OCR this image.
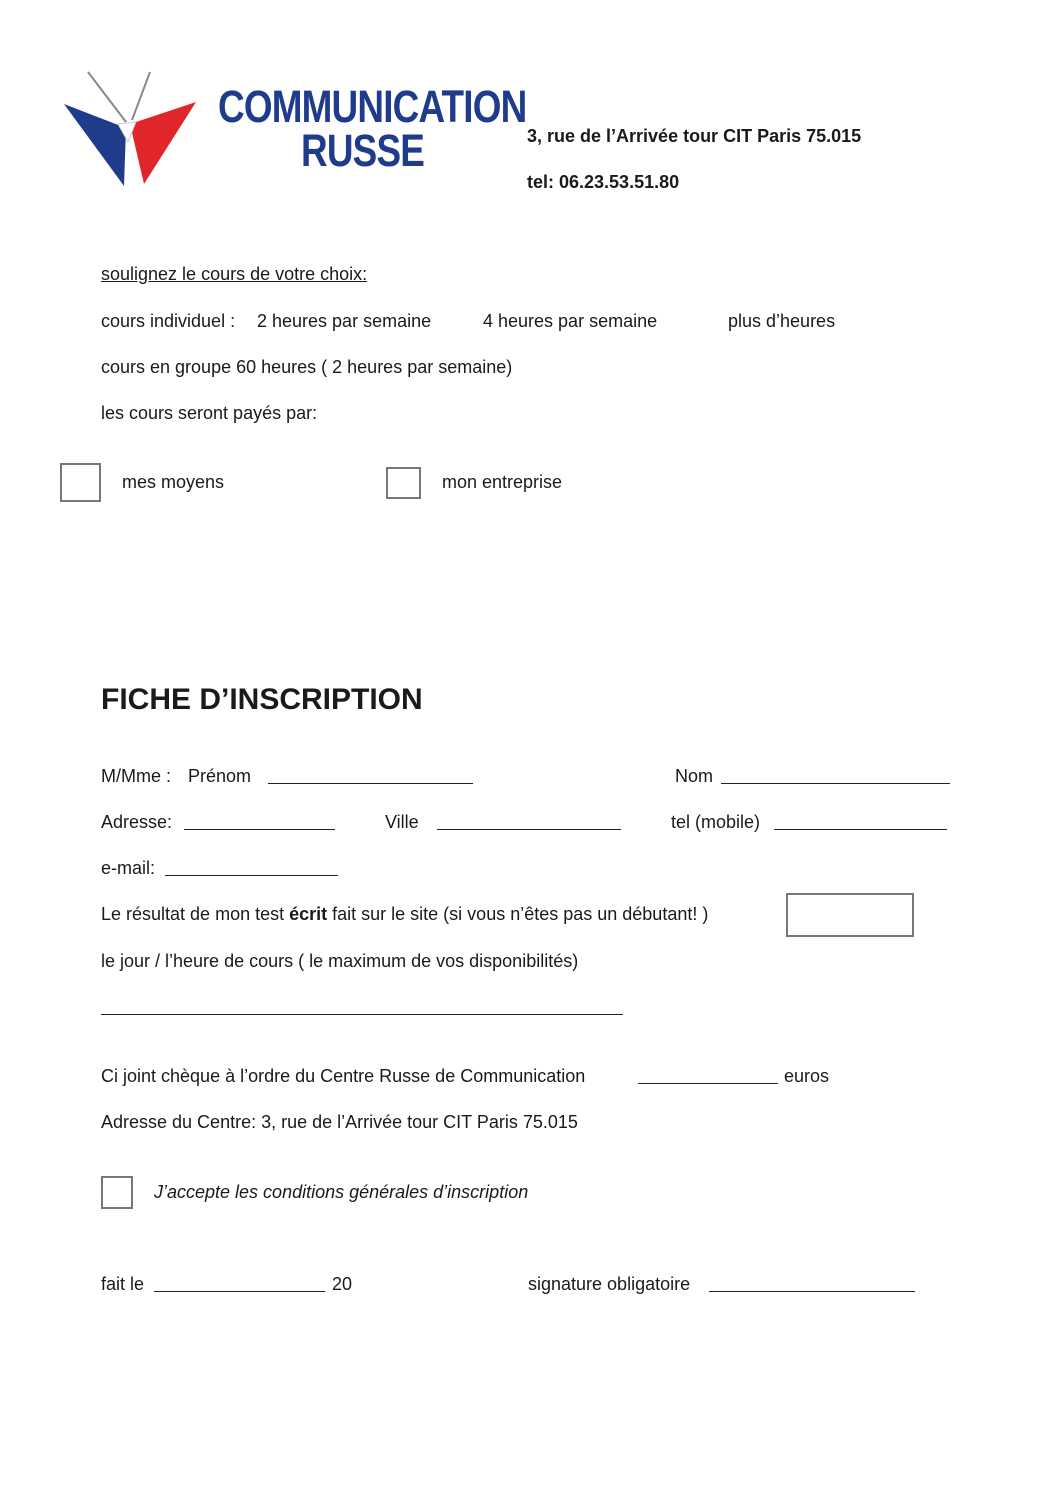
COMMUNICATION
RUSSE	3, rue de l’Arrivée tour CIT Paris 75.015
tel: 06.23.53.51.80
soulignez le cours de votre choix:
cours individuel : 2 heures par semaine	4 heures par semaine	plus d’heures
cours en groupe 60 heures ( 2 heures par semaine)
les cours seront payés par:
mes moyens	mon entreprise
FICHE D’INSCRIPTION
M/Mme : Prénom	Nom
Adresse:	Ville	tel (mobile)
e-mail:
Le résultat de mon test écrit fait sur le site (si vous n’êtes pas un débutant! )
le jour / l’heure de cours ( le maximum de vos disponibilités)
Ci joint chèque à l’ordre du Centre Russe de Communication	euros
Adresse du Centre: 3, rue de l’Arrivée tour CIT Paris 75.015
J’accepte les conditions générales d’inscription
fait le	20	signature obligatoire
